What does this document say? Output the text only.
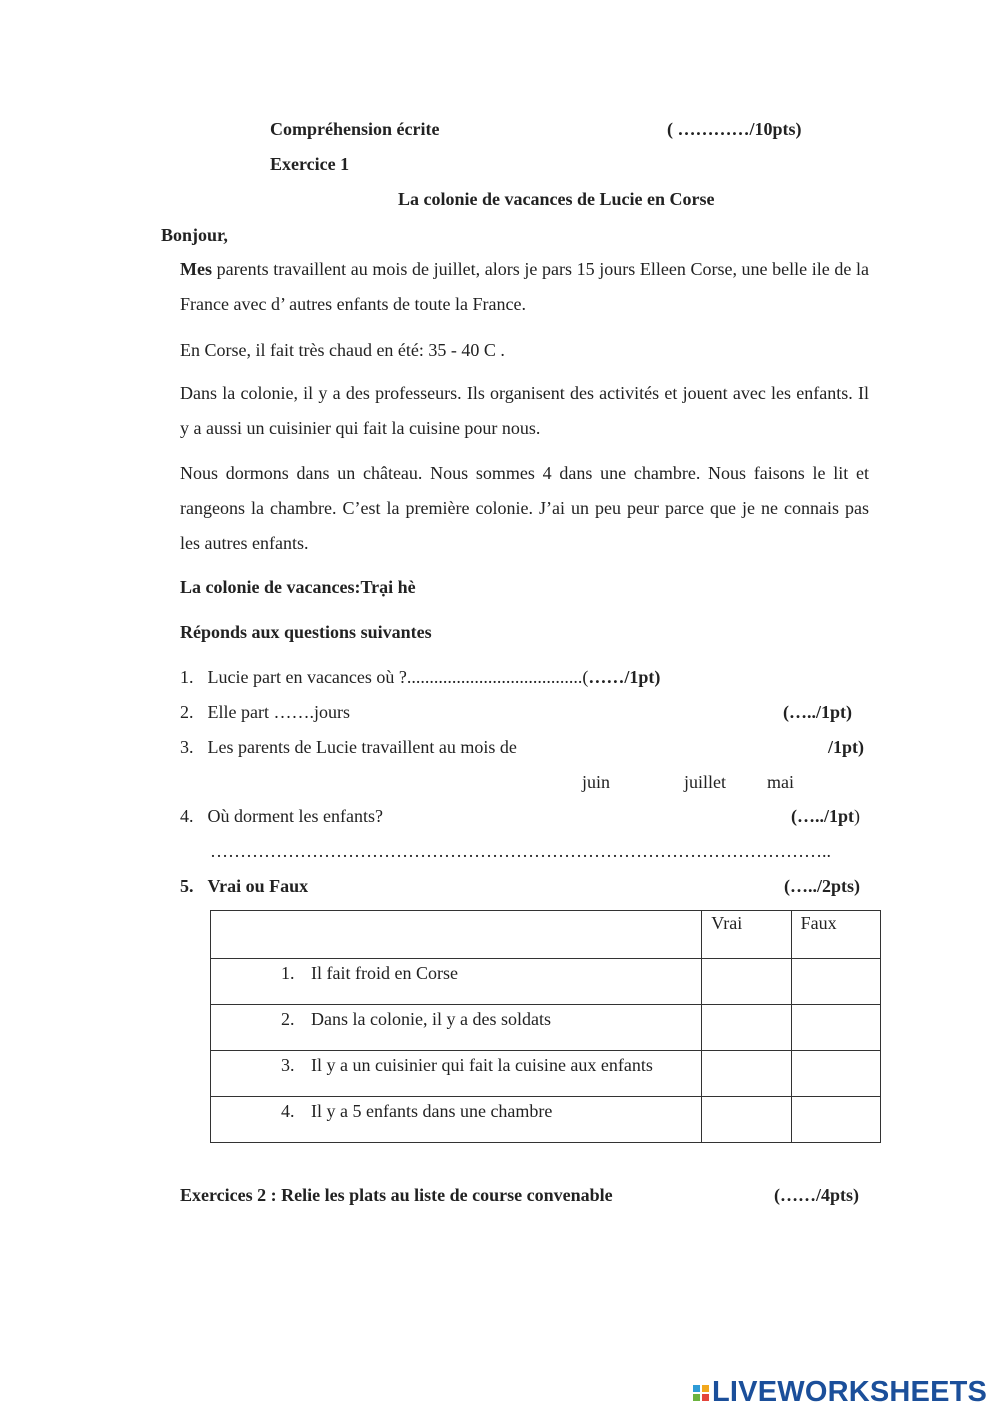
Compréhension écrite	( …………/10pts)
Exercice 1
La colonie de vacances de Lucie en Corse
Bonjour,

Mes parents travaillent au mois de juillet, alors je pars 15 jours Elleen Corse, une belle ile de la France avec d’ autres enfants de toute la France.

En Corse, il fait très chaud en été: 35 - 40 C .

Dans la colonie, il y a des professeurs. Ils organisent des activités et jouent avec les enfants. Il y a aussi un cuisinier qui fait la cuisine pour nous.

Nous dormons dans un château. Nous sommes 4 dans une chambre. Nous faisons le lit et rangeons la chambre. C’est la première colonie. J’ai un peu peur parce que je ne connais pas les autres enfants.

La colonie de vacances:Trại hè
Réponds aux questions suivantes
1. Lucie part en vacances où ?.......................................(……/1pt)
2. Elle part …….jours	(…../1pt)
3. Les parents de Lucie travaillent au mois de	/1pt)
juin	juillet mai
4. Où dorment les enfants?	(…../1pt)
…………………………………………………………………………………………..
5. Vrai ou Faux	(…../2pts)
	Vrai	Faux

1. Il fait froid en Corse		

2. Dans la colonie, il y a des soldats		

3. Il y a un cuisinier qui fait la cuisine aux enfants		

4. Il y a 5 enfants dans une chambre		

Exercices 2 : Relie les plats au liste de course convenable	(……/4pts)
LIVEWORKSHEETS
